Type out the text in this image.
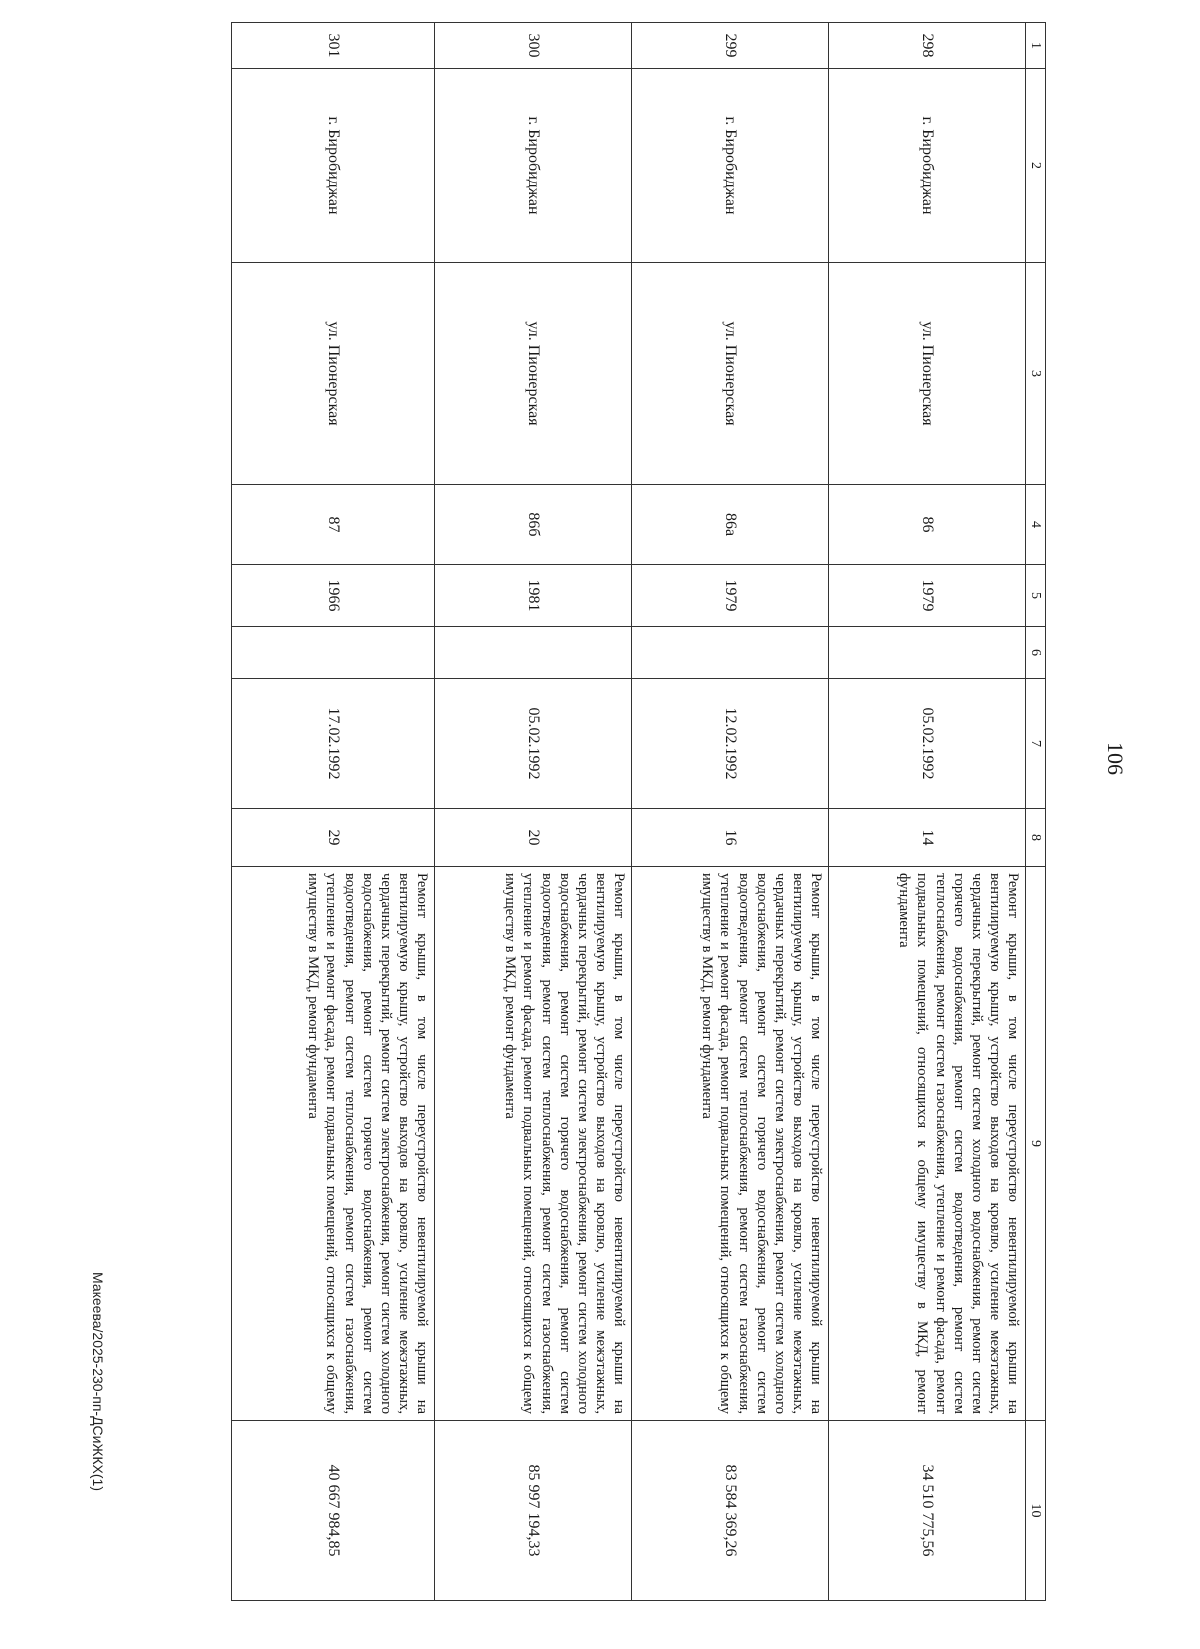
106
1	2	3	4	5	6	7	8	9	10
298	г. Биробиджан	ул. Пионерская	86	1979		05.02.1992	14	Ремонт крыши, в том числе переустройство невентилируемой крыши на вентилируемую крышу, устройство выходов на кровлю, усиление межэтажных, чердачных перекрытий, ремонт систем холодного водоснабжения, ремонт систем горячего водоснабжения, ремонт систем водоотведения, ремонт систем теплоснабжения, ремонт систем газоснабжения, утепление и ремонт фасада, ремонт подвальных помещений, относящихся к общему имуществу в МКД, ремонт фундамента	34 510 775,56
299	г. Биробиджан	ул. Пионерская	86а	1979		12.02.1992	16	Ремонт крыши, в том числе переустройство невентилируемой крыши на вентилируемую крышу, устройство выходов на кровлю, усиление межэтажных, чердачных перекрытий, ремонт систем электроснабжения, ремонт систем холодного водоснабжения, ремонт систем горячего водоснабжения, ремонт систем водоотведения, ремонт систем теплоснабжения, ремонт систем газоснабжения, утепление и ремонт фасада, ремонт подвальных помещений, относящихся к общему имуществу в МКД, ремонт фундамента	83 584 369,26
300	г. Биробиджан	ул. Пионерская	86б	1981		05.02.1992	20	Ремонт крыши, в том числе переустройство невентилируемой крыши на вентилируемую крышу, устройство выходов на кровлю, усиление межэтажных, чердачных перекрытий, ремонт систем электроснабжения, ремонт систем холодного водоснабжения, ремонт систем горячего водоснабжения, ремонт систем водоотведения, ремонт систем теплоснабжения, ремонт систем газоснабжения, утепление и ремонт фасада, ремонт подвальных помещений, относящихся к общему имуществу в МКД, ремонт фундамента	85 997 194,33
301	г. Биробиджан	ул. Пионерская	87	1966		17.02.1992	29	Ремонт крыши, в том числе переустройство невентилируемой крыши на вентилируемую крышу, устройство выходов на кровлю, усиление межэтажных, чердачных перекрытий, ремонт систем электроснабжения, ремонт систем холодного водоснабжения, ремонт систем горячего водоснабжения, ремонт систем водоотведения, ремонт систем теплоснабжения, ремонт систем газоснабжения, утепление и ремонт фасада, ремонт подвальных помещений, относящихся к общему имуществу в МКД, ремонт фундамента	40 667 984,85
Макеева/2025-230-пп-ДСиЖКХ(1)
